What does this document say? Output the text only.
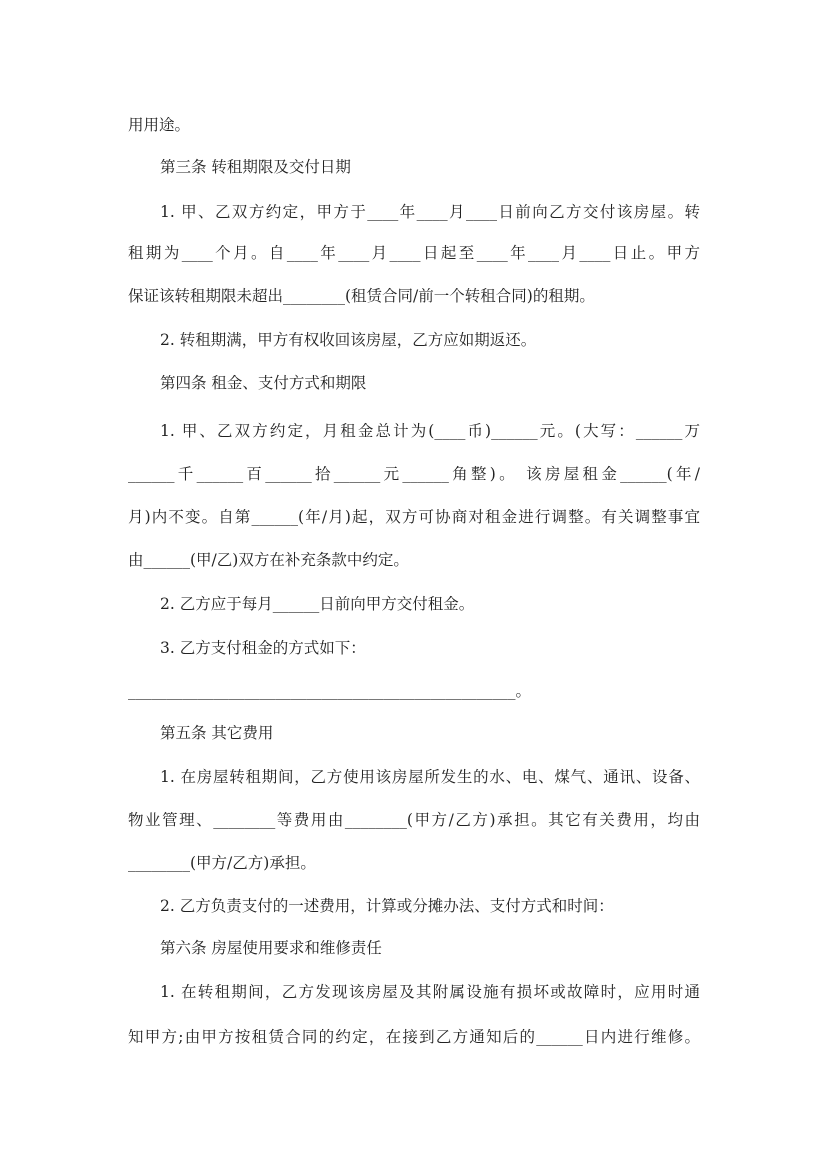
用用途。
第三条 转租期限及交付日期
1. 甲、乙双方约定，甲方于____年____月____日前向乙方交付该房屋。转
租期为____个月。自____年____月____日起至____年____月____日止。甲方
保证该转租期限未超出________(租赁合同/前一个转租合同)的租期。
2. 转租期满，甲方有权收回该房屋，乙方应如期返还。
第四条 租金、支付方式和期限
1. 甲、乙双方约定，月租金总计为(____币)______元。(大写：______万
______千______百______拾______元______角整)。 该房屋租金______(年/
月)内不变。自第______(年/月)起，双方可协商对租金进行调整。有关调整事宜
由______(甲/乙)双方在补充条款中约定。
2. 乙方应于每月______日前向甲方交付租金。
3. 乙方支付租金的方式如下：
__________________________________________________。
第五条 其它费用
1. 在房屋转租期间，乙方使用该房屋所发生的水、电、煤气、通讯、设备、
物业管理、________等费用由________(甲方/乙方)承担。其它有关费用，均由
________(甲方/乙方)承担。
2. 乙方负责支付的一述费用，计算或分摊办法、支付方式和时间：
第六条 房屋使用要求和维修责任
1. 在转租期间，乙方发现该房屋及其附属设施有损坏或故障时，应用时通
知甲方;由甲方按租赁合同的约定，在接到乙方通知后的______日内进行维修。
